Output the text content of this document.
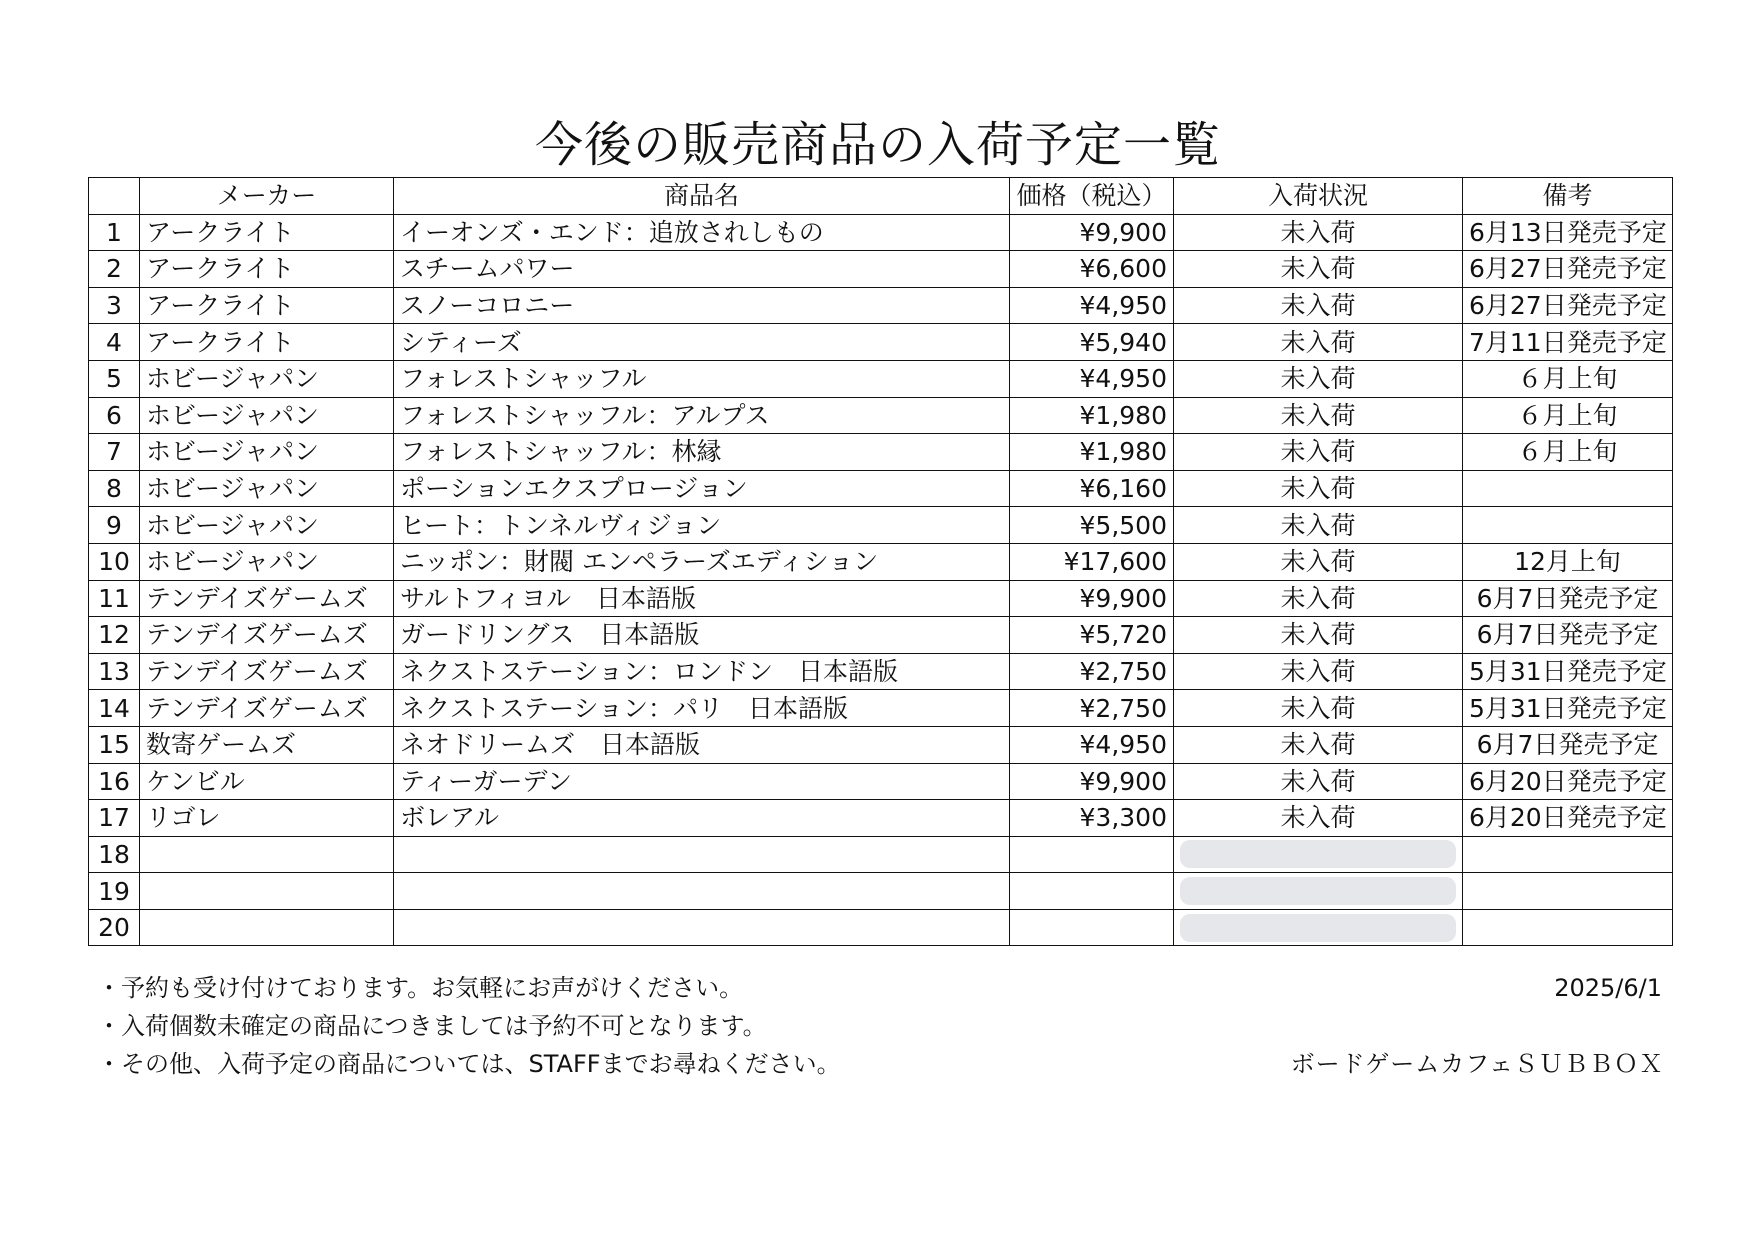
今後の販売商品の入荷予定一覧
	メーカー	商品名	価格（税込）	入荷状況	備考
1	アークライト	イーオンズ・エンド：追放されしもの	¥9,900	未入荷	6月13日発売予定
2	アークライト	スチームパワー	¥6,600	未入荷	6月27日発売予定
3	アークライト	スノーコロニー	¥4,950	未入荷	6月27日発売予定
4	アークライト	シティーズ	¥5,940	未入荷	7月11日発売予定
5	ホビージャパン	フォレストシャッフル	¥4,950	未入荷	６月上旬
6	ホビージャパン	フォレストシャッフル：アルプス	¥1,980	未入荷	６月上旬
7	ホビージャパン	フォレストシャッフル：林縁	¥1,980	未入荷	６月上旬
8	ホビージャパン	ポーションエクスプロージョン	¥6,160	未入荷	
9	ホビージャパン	ヒート：トンネルヴィジョン	¥5,500	未入荷	
10	ホビージャパン	ニッポン：財閥 エンペラーズエディション	¥17,600	未入荷	12月上旬
11	テンデイズゲームズ	サルトフィヨル　日本語版	¥9,900	未入荷	6月7日発売予定
12	テンデイズゲームズ	ガードリングス　日本語版	¥5,720	未入荷	6月7日発売予定
13	テンデイズゲームズ	ネクストステーション：ロンドン　日本語版	¥2,750	未入荷	5月31日発売予定
14	テンデイズゲームズ	ネクストステーション：パリ　日本語版	¥2,750	未入荷	5月31日発売予定
15	数寄ゲームズ	ネオドリームズ　日本語版	¥4,950	未入荷	6月7日発売予定
16	ケンビル	ティーガーデン	¥9,900	未入荷	6月20日発売予定
17	リゴレ	ボレアル	¥3,300	未入荷	6月20日発売予定
18				

19				

20				

・予約も受け付けております。お気軽にお声がけください。
・入荷個数未確定の商品につきましては予約不可となります。
・その他、入荷予定の商品については、STAFFまでお尋ねください。
2025/6/1
ボードゲームカフェＳＵＢＢＯＸ
